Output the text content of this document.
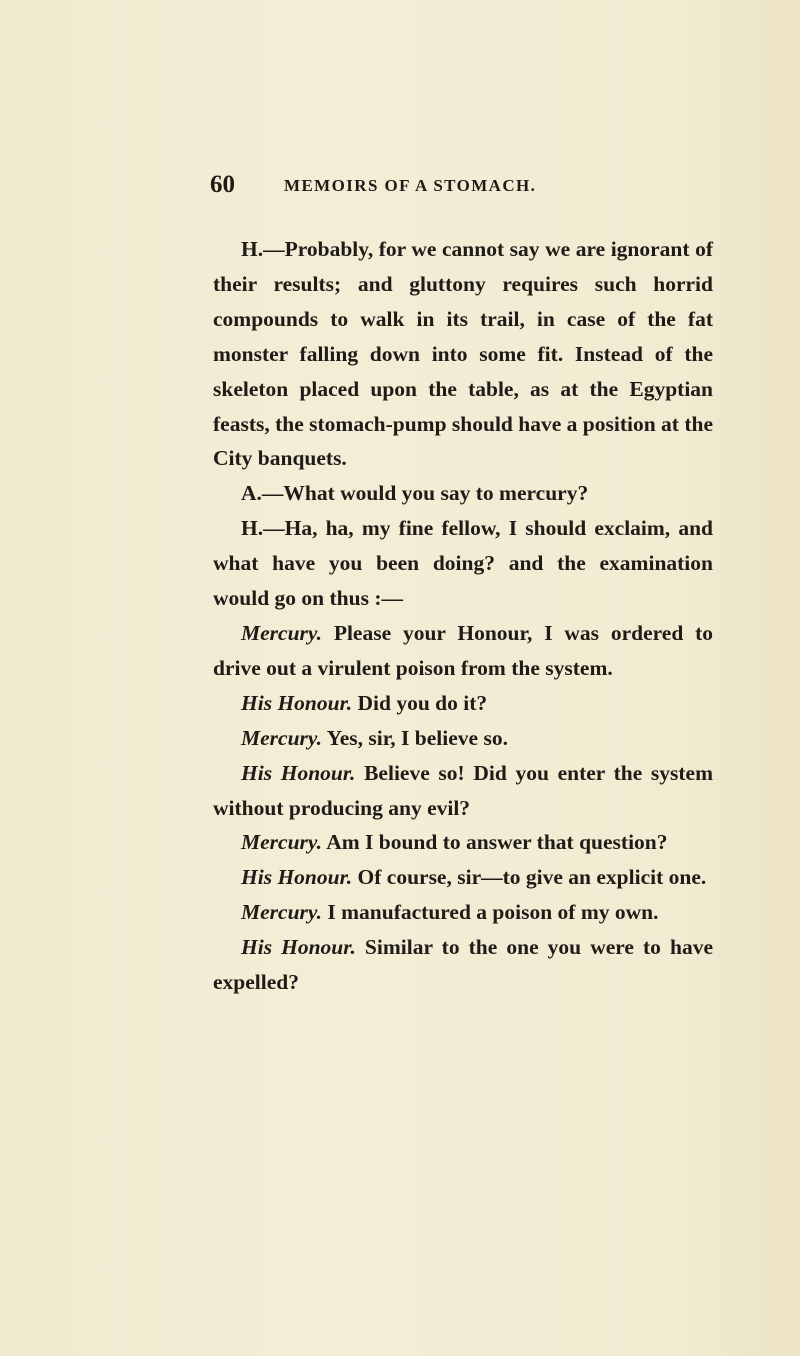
60	MEMOIRS OF A STOMACH.

H.—Probably, for we cannot say we are ignorant of their results; and gluttony requires such horrid compounds to walk in its trail, in case of the fat monster falling down into some fit. Instead of the skeleton placed upon the table, as at the Egyptian feasts, the stomach-pump should have a position at the City banquets.

A.—What would you say to mercury?

H.—Ha, ha, my fine fellow, I should exclaim, and what have you been doing? and the examination would go on thus :—

Mercury. Please your Honour, I was ordered to drive out a virulent poison from the system.

His Honour. Did you do it?

Mercury. Yes, sir, I believe so.

His Honour. Believe so! Did you enter the system without producing any evil?

Mercury. Am I bound to answer that question?

His Honour. Of course, sir—to give an explicit one.

Mercury. I manufactured a poison of my own.

His Honour. Similar to the one you were to have expelled?
